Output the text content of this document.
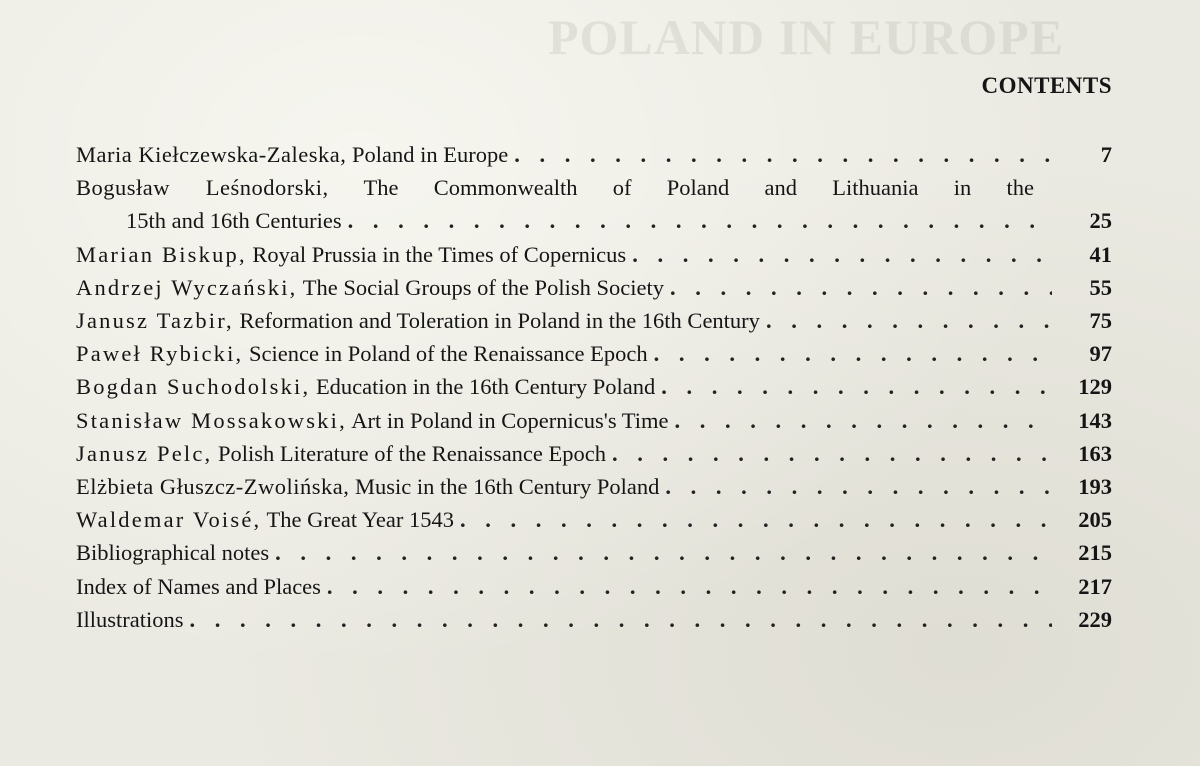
POLAND IN EUROPE
CONTENTS
Maria Kiełczewska-Zaleska, Poland in Europe . . .	7
Bogusław Leśnodorski, The Commonwealth of Poland and Lithuania in the
15th and 16th Centuries . . .	25
Marian Biskup, Royal Prussia in the Times of Copernicus . . .	41
Andrzej Wyczański, The Social Groups of the Polish Society . . .	55
Janusz Tazbir, Reformation and Toleration in Poland in the 16th Century . . .	75
Paweł Rybicki, Science in Poland of the Renaissance Epoch . . .	97
Bogdan Suchodolski, Education in the 16th Century Poland . . .	129
Stanisław Mossakowski, Art in Poland in Copernicus's Time . . .	143
Janusz Pelc, Polish Literature of the Renaissance Epoch . . .	163
Elżbieta Głuszcz-Zwolińska, Music in the 16th Century Poland . . .	193
Waldemar Voisé, The Great Year 1543 . . .	205
Bibliographical notes . . .	215
Index of Names and Places . . .	217
Illustrations . . .	229
